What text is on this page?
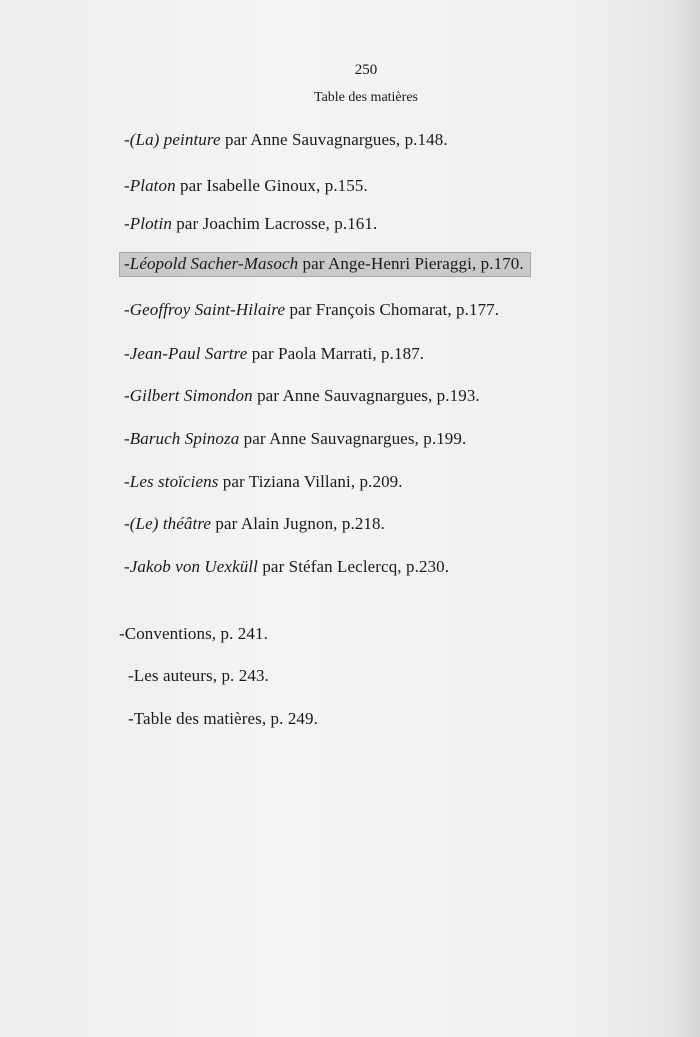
250
Table des matières
-(La) peinture par Anne Sauvagnargues, p.148.
-Platon par Isabelle Ginoux, p.155.
-Plotin par Joachim Lacrosse, p.161.
-Léopold Sacher-Masoch par Ange-Henri Pieraggi, p.170.
-Geoffroy Saint-Hilaire par François Chomarat, p.177.
-Jean-Paul Sartre par Paola Marrati, p.187.
-Gilbert Simondon par Anne Sauvagnargues, p.193.
-Baruch Spinoza par Anne Sauvagnargues, p.199.
-Les stoïciens par Tiziana Villani, p.209.
-(Le) théâtre par Alain Jugnon, p.218.
-Jakob von Uexküll par Stéfan Leclercq, p.230.
-Conventions, p. 241.
-Les auteurs, p. 243.
-Table des matières, p. 249.
